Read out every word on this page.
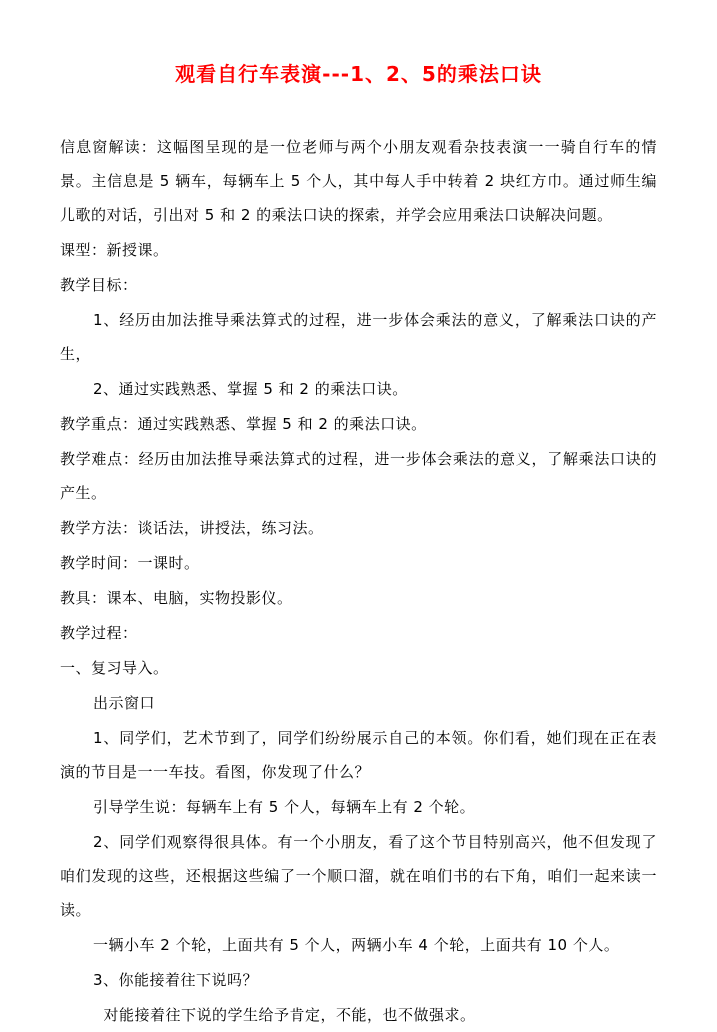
观看自行车表演---1、2、5的乘法口诀

信息窗解读：这幅图呈现的是一位老师与两个小朋友观看杂技表演一一骑自行车的情景。主信息是 5 辆车，每辆车上 5 个人，其中每人手中转着 2 块红方巾。通过师生编儿歌的对话，引出对 5 和 2 的乘法口诀的探索，并学会应用乘法口诀解决问题。

课型：新授课。

教学目标：

1、经历由加法推导乘法算式的过程，进一步体会乘法的意义，了解乘法口诀的产生，

2、通过实践熟悉、掌握 5 和 2 的乘法口诀。

教学重点：通过实践熟悉、掌握 5 和 2 的乘法口诀。

教学难点：经历由加法推导乘法算式的过程，进一步体会乘法的意义，了解乘法口诀的产生。

教学方法：谈话法，讲授法，练习法。

教学时间：一课时。

教具：课本、电脑，实物投影仪。

教学过程：

一、复习导入。

出示窗口

1、同学们，艺术节到了，同学们纷纷展示自己的本领。你们看，她们现在正在表演的节目是一一车技。看图，你发现了什么？

引导学生说：每辆车上有 5 个人，每辆车上有 2 个轮。

2、同学们观察得很具体。有一个小朋友，看了这个节目特别高兴，他不但发现了咱们发现的这些，还根据这些编了一个顺口溜，就在咱们书的右下角，咱们一起来读一读。

一辆小车 2 个轮，上面共有 5 个人，两辆小车 4 个轮，上面共有 10 个人。

3、你能接着往下说吗？

对能接着往下说的学生给予肯定，不能，也不做强求。
